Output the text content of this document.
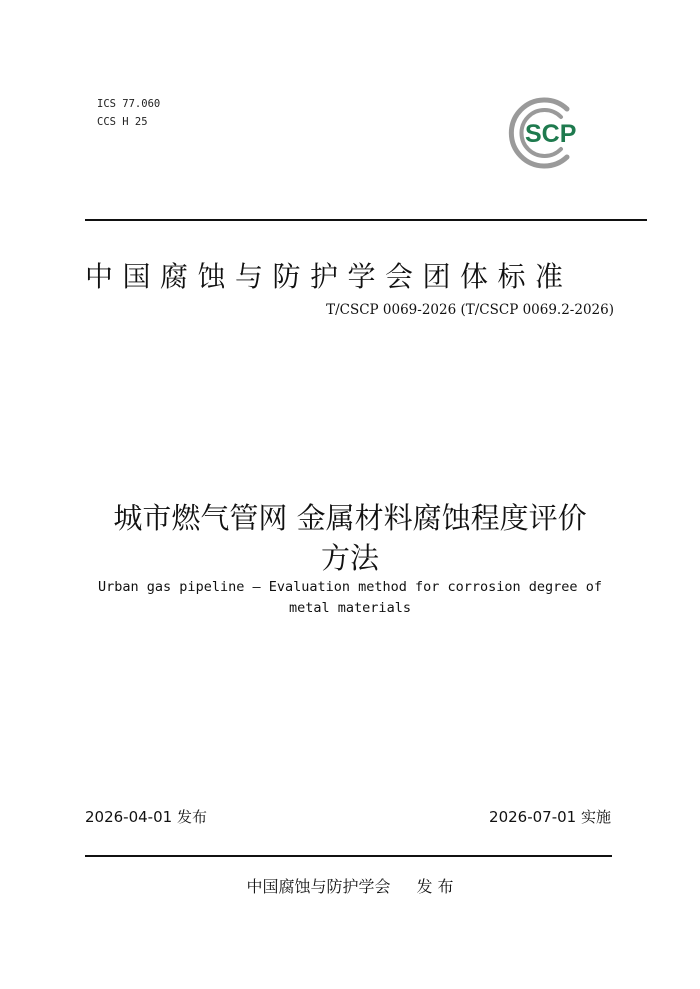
ICS 77.060
CCS H 25	SCP
中国腐蚀与防护学会团体标准
T/CSCP 0069-2026 (T/CSCP 0069.2-2026)
城市燃气管网 金属材料腐蚀程度评价
方法
Urban gas pipeline — Evaluation method for corrosion degree of
metal materials
2026-04-01 发布	2026-07-01 实施
中国腐蚀与防护学会 发 布
